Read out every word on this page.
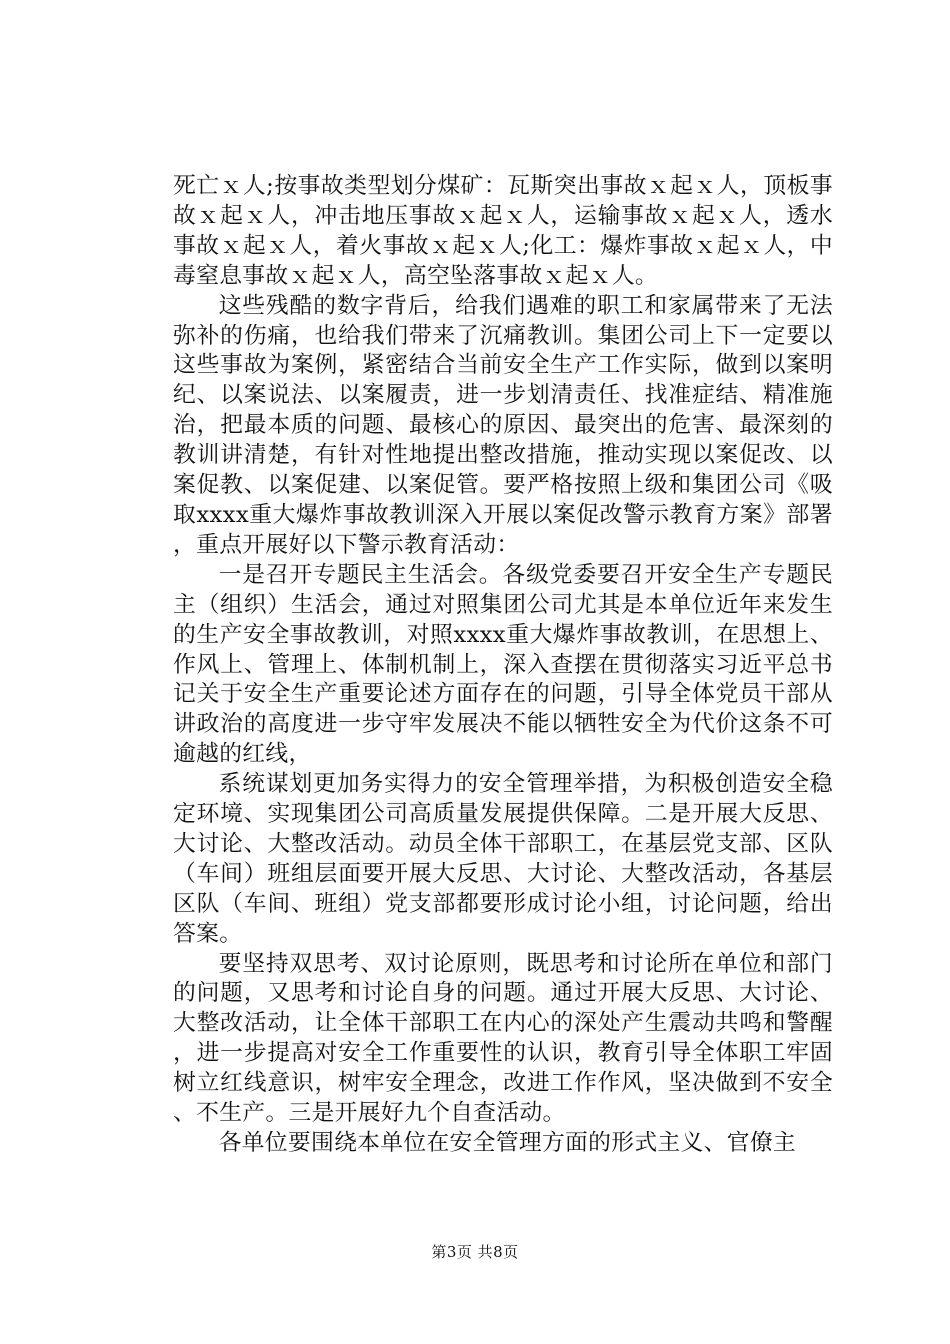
死亡ｘ人;按事故类型划分煤矿：瓦斯突出事故ｘ起ｘ人，顶板事故ｘ起ｘ人，冲击地压事故ｘ起ｘ人，运输事故ｘ起ｘ人，透水事故ｘ起ｘ人，着火事故ｘ起ｘ人;化工：爆炸事故ｘ起ｘ人，中毒窒息事故ｘ起ｘ人，高空坠落事故ｘ起ｘ人。

这些残酷的数字背后，给我们遇难的职工和家属带来了无法弥补的伤痛，也给我们带来了沉痛教训。集团公司上下一定要以这些事故为案例，紧密结合当前安全生产工作实际，做到以案明纪、以案说法、以案履责，进一步划清责任、找准症结、精准施治，把最本质的问题、最核心的原因、最突出的危害、最深刻的教训讲清楚，有针对性地提出整改措施，推动实现以案促改、以案促教、以案促建、以案促管。要严格按照上级和集团公司《吸取xxxx重大爆炸事故教训深入开展以案促改警示教育方案》部署，重点开展好以下警示教育活动：

一是召开专题民主生活会。各级党委要召开安全生产专题民主（组织）生活会，通过对照集团公司尤其是本单位近年来发生的生产安全事故教训，对照xxxx重大爆炸事故教训，在思想上、作风上、管理上、体制机制上，深入查摆在贯彻落实习近平总书记关于安全生产重要论述方面存在的问题，引导全体党员干部从讲政治的高度进一步守牢发展决不能以牺牲安全为代价这条不可逾越的红线，

系统谋划更加务实得力的安全管理举措，为积极创造安全稳定环境、实现集团公司高质量发展提供保障。二是开展大反思、大讨论、大整改活动。动员全体干部职工，在基层党支部、区队（车间）班组层面要开展大反思、大讨论、大整改活动，各基层区队（车间、班组）党支部都要形成讨论小组，讨论问题，给出答案。

要坚持双思考、双讨论原则，既思考和讨论所在单位和部门的问题，又思考和讨论自身的问题。通过开展大反思、大讨论、大整改活动，让全体干部职工在内心的深处产生震动共鸣和警醒，进一步提高对安全工作重要性的认识，教育引导全体职工牢固树立红线意识，树牢安全理念，改进工作作风，坚决做到不安全、不生产。三是开展好九个自查活动。

各单位要围绕本单位在安全管理方面的形式主义、官僚主

第3页 共8页
